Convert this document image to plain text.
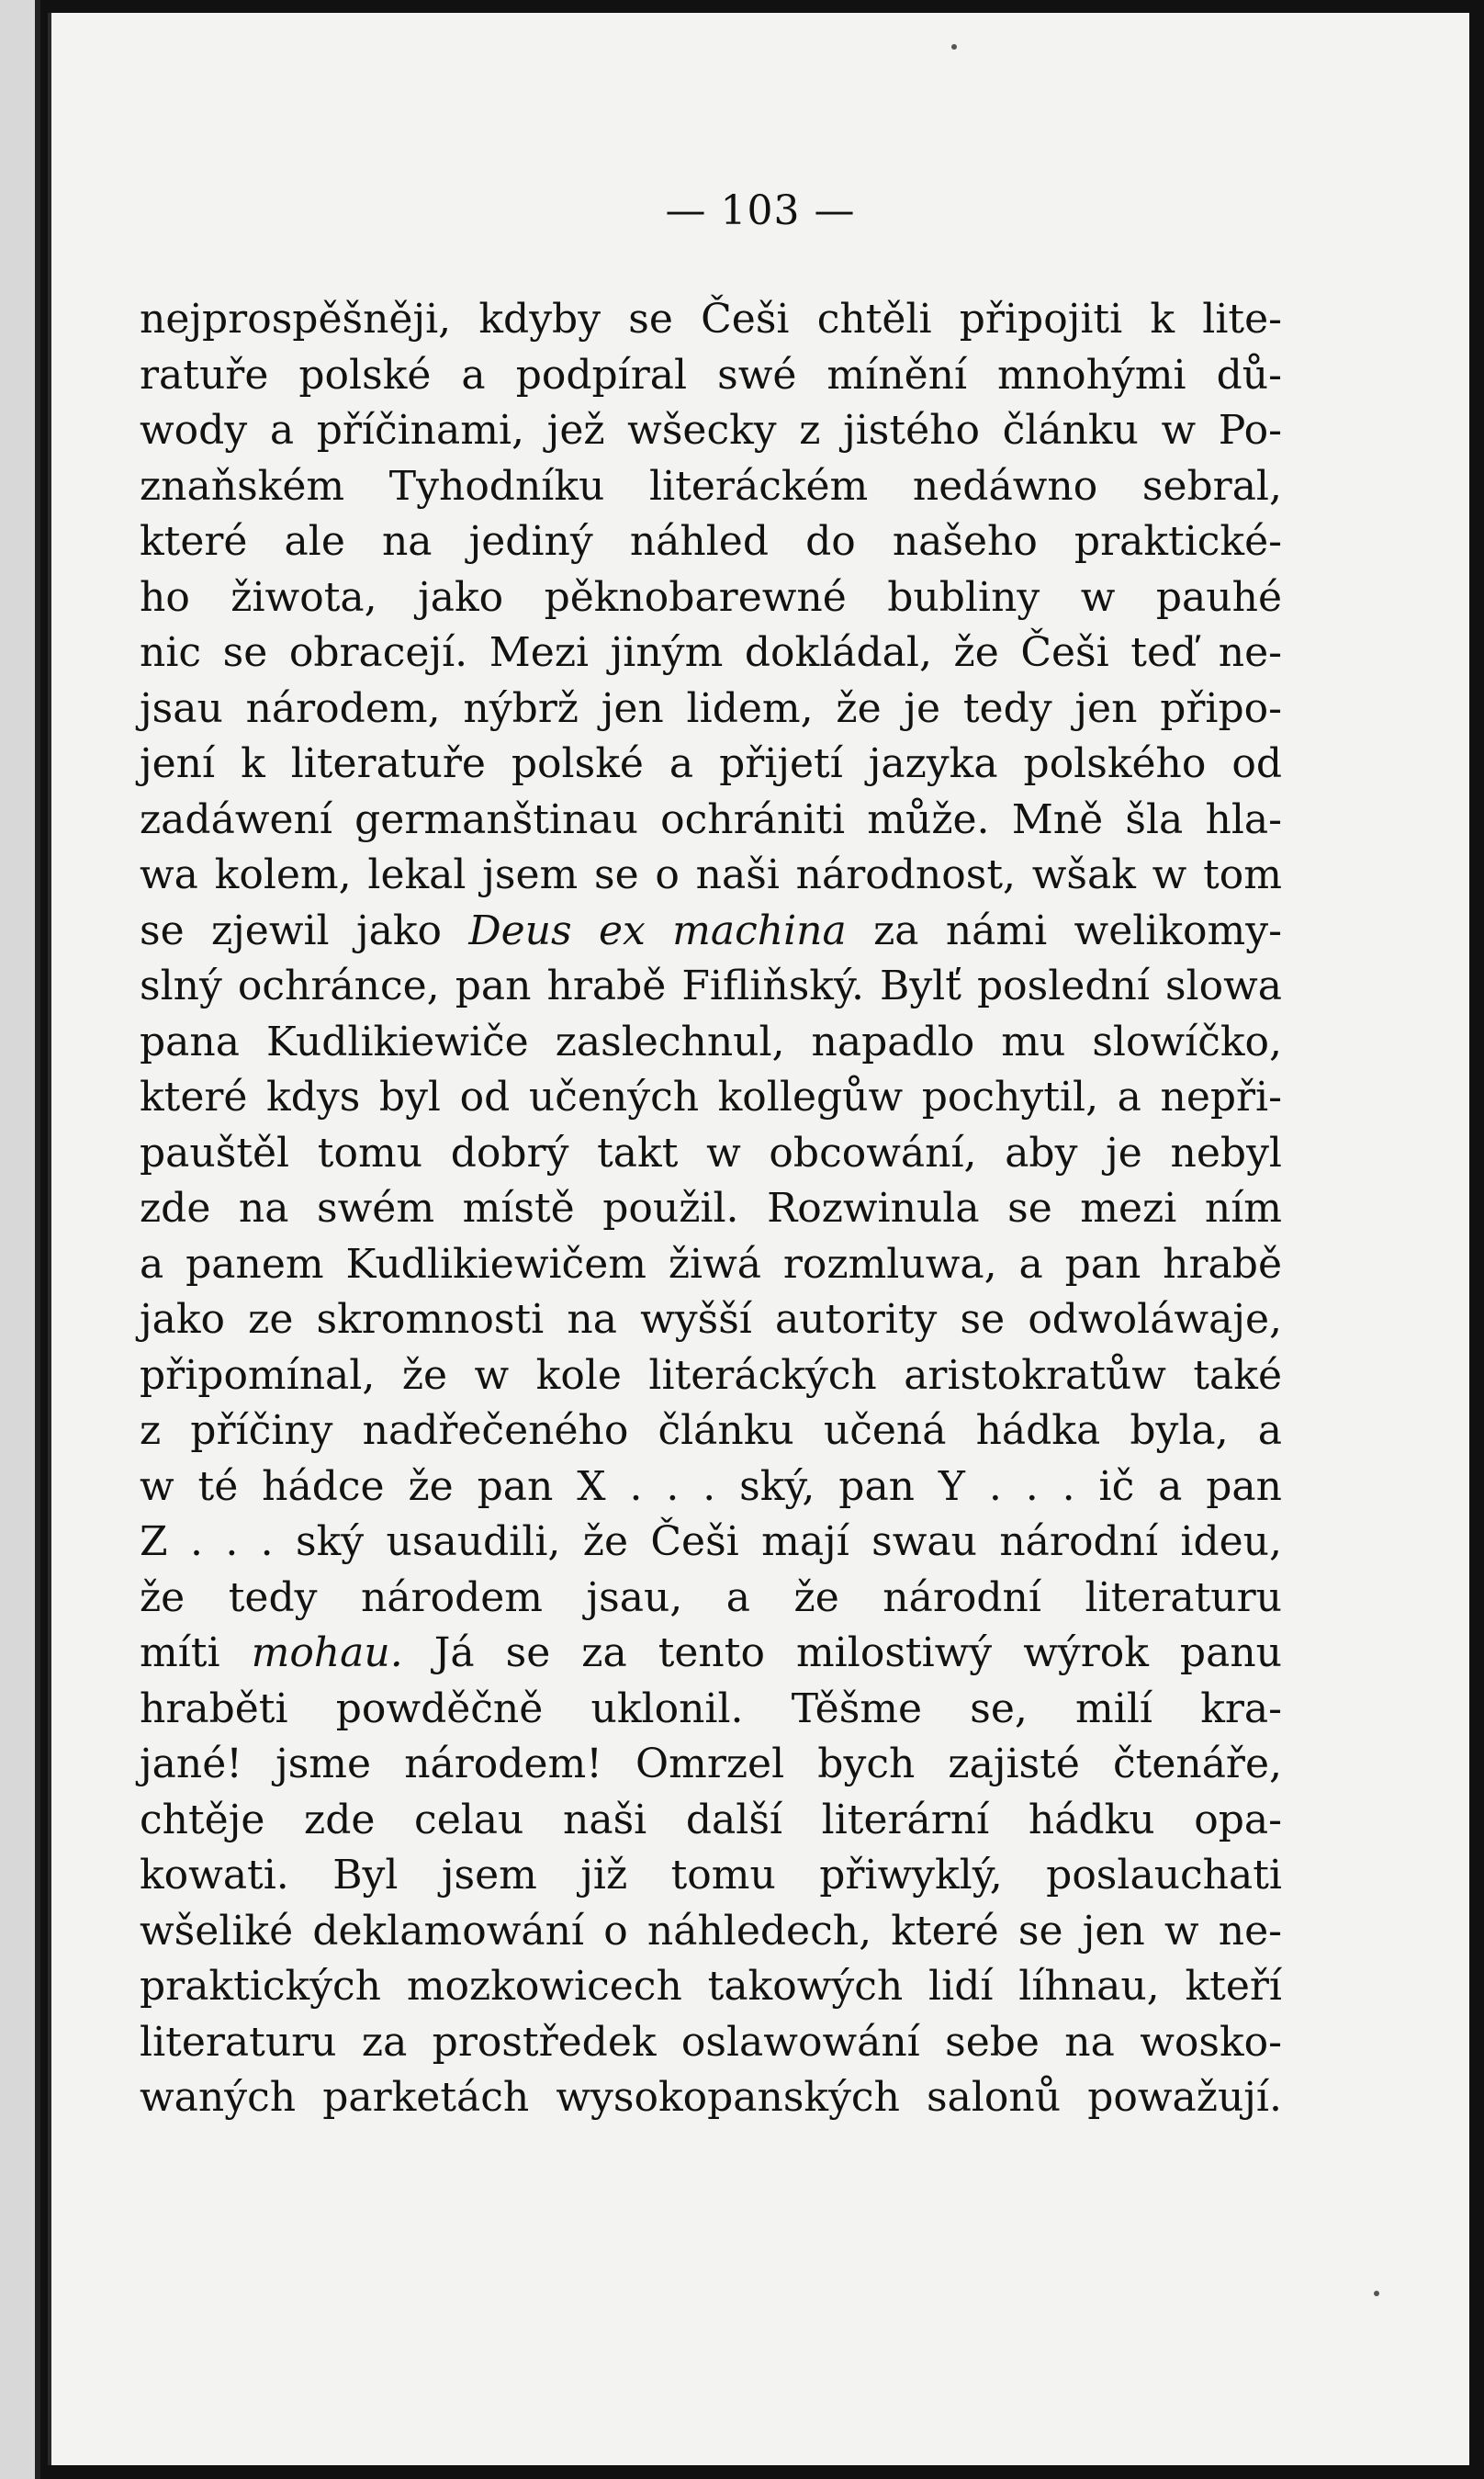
— 103 —
nejprospěšněji, kdyby se Češi chtěli připojiti k lite-
ratuře polské a podpíral swé mínění mnohými dů-
wody a příčinami, jež wšecky z jistého článku w Po-
znaňském Tyhodníku literáckém nedáwno sebral,
které ale na jediný náhled do našeho praktické-
ho žiwota, jako pěknobarewné bubliny w pauhé
nic se obracejí. Mezi jiným dokládal, že Češi teď ne-
jsau národem, nýbrž jen lidem, že je tedy jen připo-
jení k literatuře polské a přijetí jazyka polského od
zadáwení germanštinau ochrániti může. Mně šla hla-
wa kolem, lekal jsem se o naši národnost, wšak w tom
se zjewil jako Deus ex machina za námi welikomy-
slný ochránce, pan hrabě Fifliňský. Bylť poslední slowa
pana Kudlikiewiče zaslechnul, napadlo mu slowíčko,
které kdys byl od učených kollegůw pochytil, a nepři-
pauštěl tomu dobrý takt w obcowání, aby je nebyl
zde na swém místě použil. Rozwinula se mezi ním
a panem Kudlikiewičem žiwá rozmluwa, a pan hrabě
jako ze skromnosti na wyšší autority se odwoláwaje,
připomínal, že w kole literáckých aristokratůw také
z příčiny nadřečeného článku učená hádka byla, a
w té hádce že pan X . . . ský, pan Y . . . ič a pan
Z . . . ský usaudili, že Češi mají swau národní ideu,
že tedy národem jsau, a že národní literaturu
míti mohau. Já se za tento milostiwý wýrok panu
hraběti powděčně uklonil. Těšme se, milí kra-
jané! jsme národem! Omrzel bych zajisté čtenáře,
chtěje zde celau naši další literární hádku opa-
kowati. Byl jsem již tomu přiwyklý, poslauchati
wšeliké deklamowání o náhledech, které se jen w ne-
praktických mozkowicech takowých lidí líhnau, kteří
literaturu za prostředek oslawowání sebe na wosko-
waných parketách wysokopanských salonů powažují.
